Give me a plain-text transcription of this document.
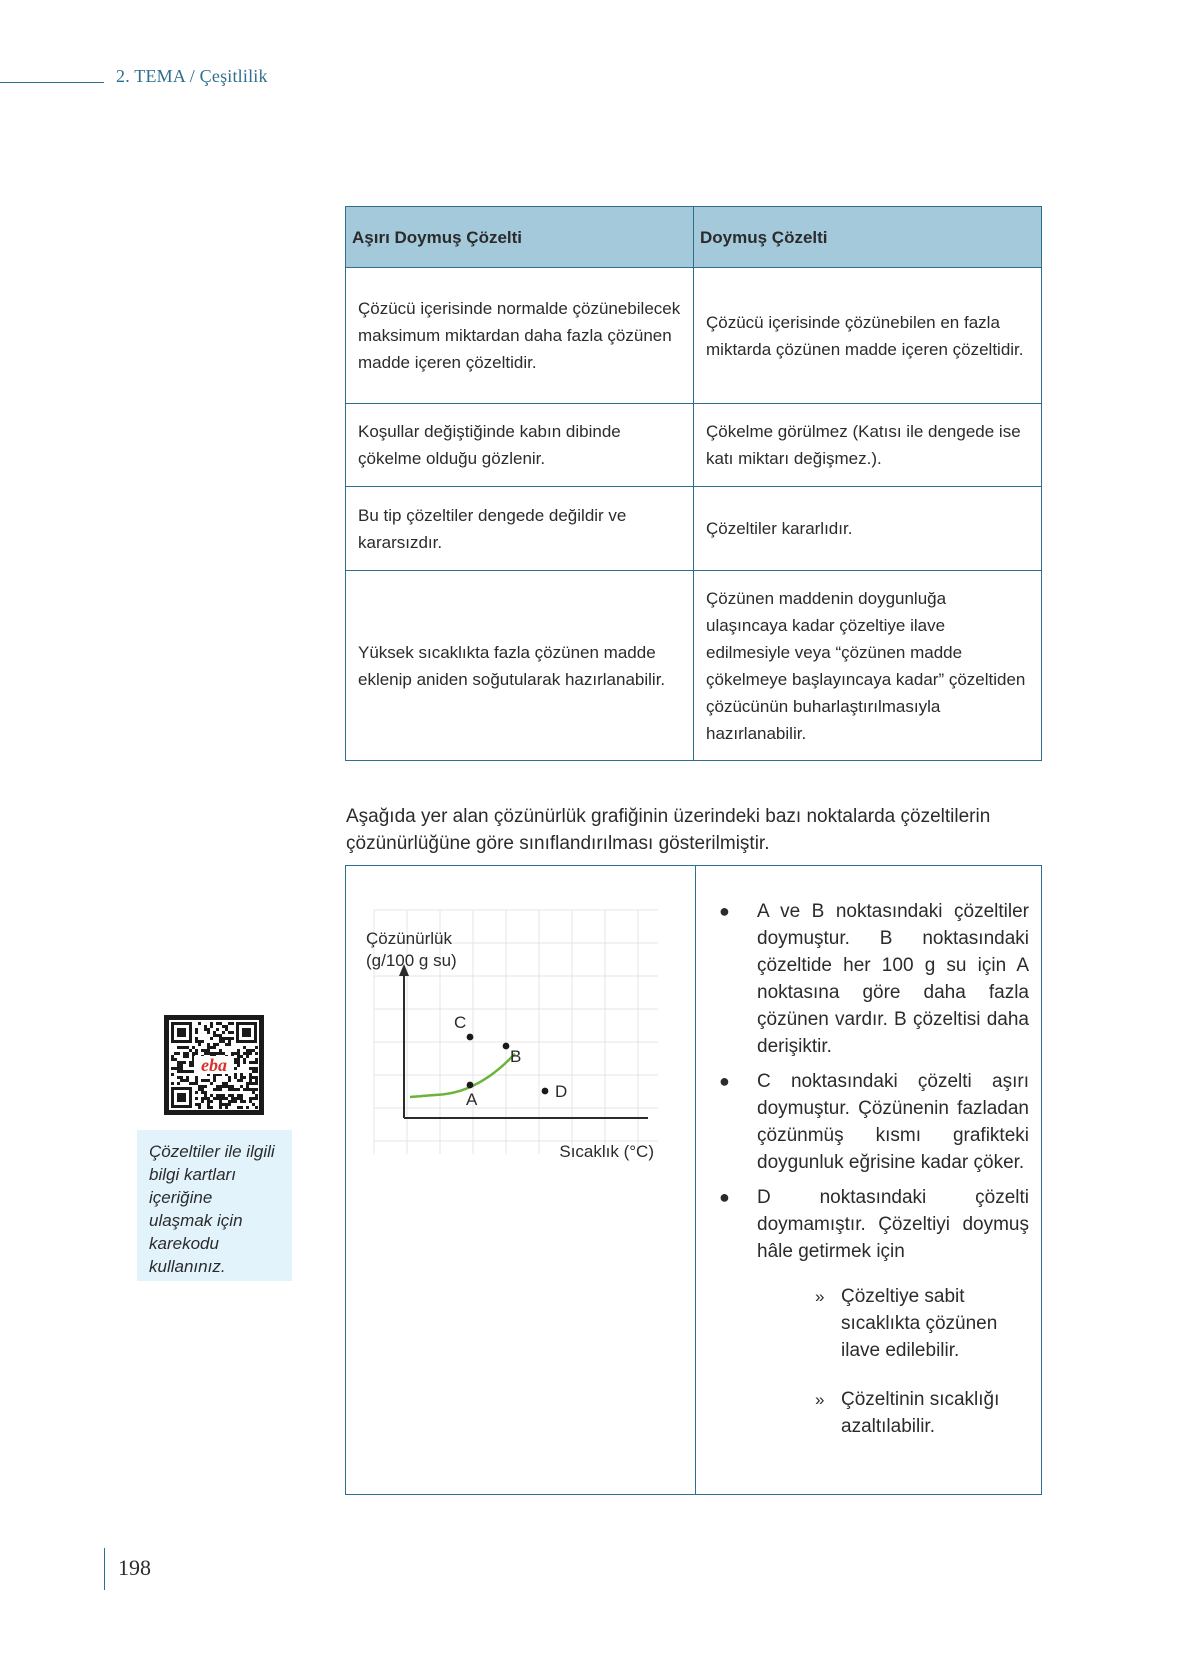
2. TEMA / Çeşitlilik
Aşırı Doymuş Çözelti	Doymuş Çözelti

Çözücü içerisinde normalde çözünebilecek maksimum miktardan daha fazla çözünen madde içeren çözeltidir.	Çözücü içerisinde çözünebilen en fazla miktarda çözünen madde içeren çözeltidir.

Koşullar değiştiğinde kabın dibinde çökelme olduğu gözlenir.	Çökelme görülmez (Katısı ile dengede ise katı miktarı değişmez.).

Bu tip çözeltiler dengede değildir ve kararsızdır.	Çözeltiler kararlıdır.

Yüksek sıcaklıkta fazla çözünen madde eklenip aniden soğutularak hazırlanabilir.	Çözünen maddenin doygunluğa ulaşıncaya kadar çözeltiye ilave edilmesiyle veya “çözünen madde çökelmeye başlayıncaya kadar” çözeltiden çözücünün buharlaştırılmasıyla hazırlanabilir.
Aşağıda yer alan çözünürlük grafiğinin üzerindeki bazı noktalarda çözeltilerin çözünürlüğüne göre sınıflandırılması gösterilmiştir.
Çözünürlük
(g/100 g su)
Sıcaklık (°C)
A
B
C
D
● A ve B noktasındaki çözeltiler doymuştur. B noktasındaki çözeltide her 100 g su için A noktasına göre daha fazla çözünen vardır. B çözeltisi daha derişiktir.
● C noktasındaki çözelti aşırı doymuştur. Çözünenin fazladan çözünmüş kısmı grafikteki doygunluk eğrisine kadar çöker.
● D noktasındaki çözelti doymamıştır. Çözeltiyi doymuş hâle getirmek için
» Çözeltiye sabit sıcaklıkta çözünen ilave edilebilir.
» Çözeltinin sıcaklığı azaltılabilir.
eba
Çözeltiler ile ilgili bilgi kartları içeriğine ulaşmak için karekodu kullanınız.
198
